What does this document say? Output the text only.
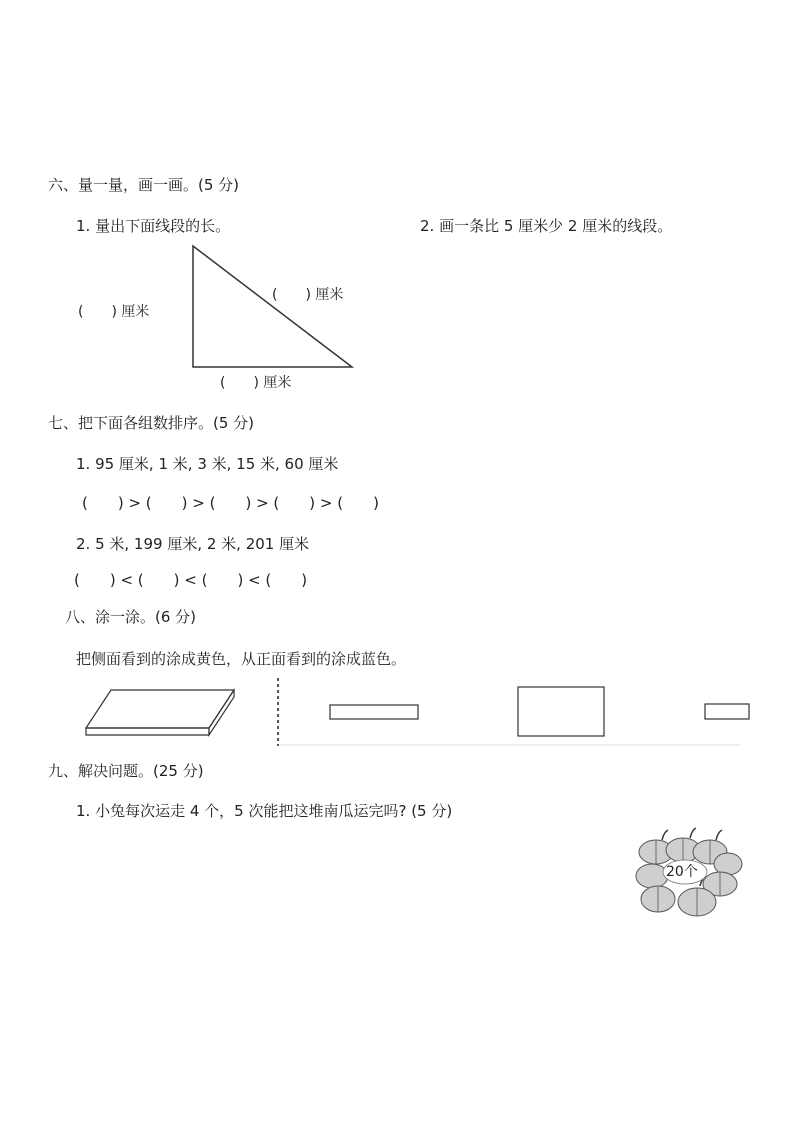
六、量一量，画一画。(5 分)
1. 量出下面线段的长。	2. 画一条比 5 厘米少 2 厘米的线段。
(　　) 厘米
(　　) 厘米
(　　) 厘米
七、把下面各组数排序。(5 分)
1. 95 厘米, 1 米, 3 米, 15 米, 60 厘米
(　　) > (　　) > (　　) > (　　) > (　　)
2. 5 米, 199 厘米, 2 米, 201 厘米
(　　) < (　　) < (　　) < (　　)
八、涂一涂。(6 分)
把侧面看到的涂成黄色，从正面看到的涂成蓝色。
九、解决问题。(25 分)
1. 小兔每次运走 4 个，5 次能把这堆南瓜运完吗? (5 分)
20个
